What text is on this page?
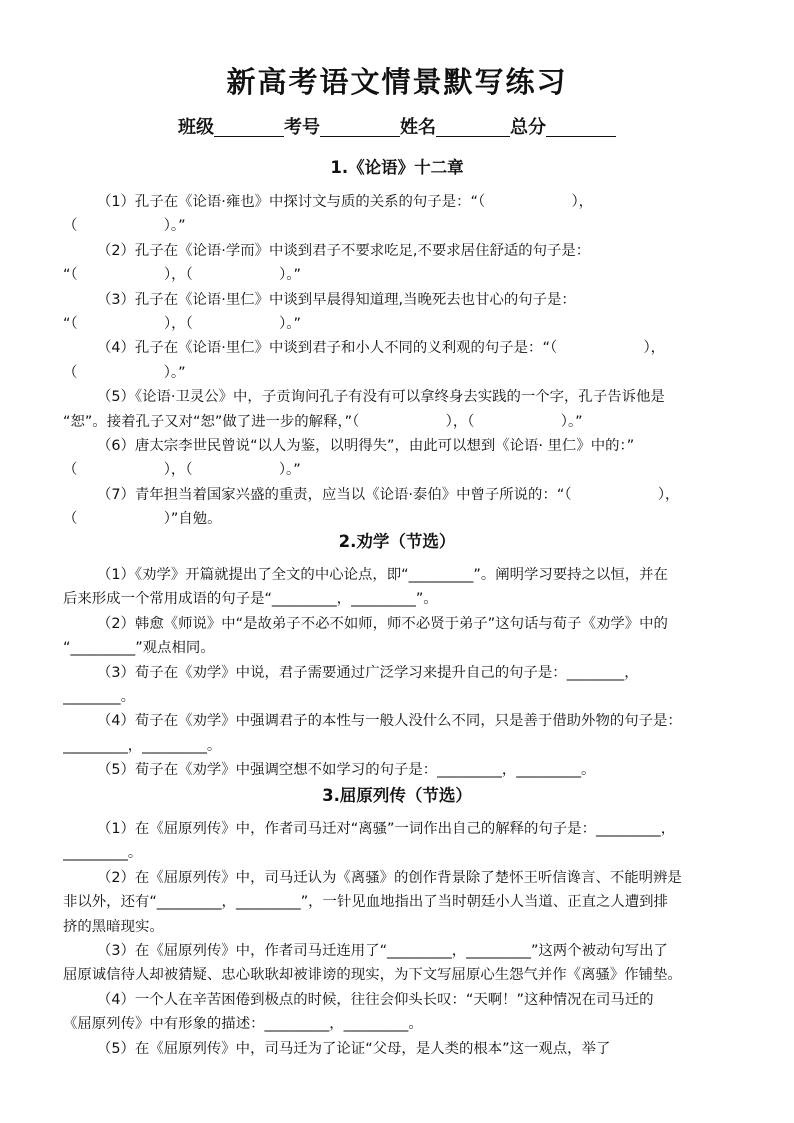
新高考语文情景默写练习
班级	考号	姓名	总分
1.《论语》十二章
（1）孔子在《论语·雍也》中探讨文与质的关系的句子是：“（　　　　　　），
（　　　　　　）。”
（2）孔子在《论语·学而》中谈到君子不要求吃足,不要求居住舒适的句子是：
“（　　　　　　），（　　　　　　）。”
（3）孔子在《论语·里仁》中谈到早晨得知道理,当晚死去也甘心的句子是：
“（　　　　　　），（　　　　　　）。”
（4）孔子在《论语·里仁》中谈到君子和小人不同的义利观的句子是：“（　　　　　　），
（　　　　　　）。”
（5）《论语·卫灵公》中，子贡询问孔子有没有可以拿终身去实践的一个字，孔子告诉他是
“恕”。接着孔子又对“恕”做了进一步的解释，”（　　　　　　），（　　　　　　）。”
（6）唐太宗李世民曾说“以人为鉴，以明得失”，由此可以想到《论语· 里仁》中的：”
（　　　　　　），（　　　　　　）。”
（7）青年担当着国家兴盛的重责，应当以《论语·泰伯》中曾子所说的：“（　　　　　　），
（　　　　　　）”自勉。
2.劝学（节选）
（1）《劝学》开篇就提出了全文的中心论点，即“_________”。阐明学习要持之以恒，并在
后来形成一个常用成语的句子是“_________，_________”。
（2）韩愈《师说》中“是故弟子不必不如师，师不必贤于弟子”这句话与荀子《劝学》中的
“_________”观点相同。
（3）荀子在《劝学》中说，君子需要通过广泛学习来提升自己的句子是：________，
________。
（4）荀子在《劝学》中强调君子的本性与一般人没什么不同，只是善于借助外物的句子是：
_________，_________。
（5）荀子在《劝学》中强调空想不如学习的句子是：_________，_________。
3.屈原列传（节选）
（1）在《屈原列传》中，作者司马迁对“离骚”一词作出自己的解释的句子是：_________，
_________。
（2）在《屈原列传》中，司马迁认为《离骚》的创作背景除了楚怀王听信谗言、不能明辨是
非以外，还有“_________，_________”，一针见血地指出了当时朝廷小人当道、正直之人遭到排
挤的黑暗现实。
（3）在《屈原列传》中，作者司马迁连用了“_________，_________”这两个被动句写出了
屈原诚信待人却被猜疑、忠心耿耿却被诽谤的现实，为下文写屈原心生怨气并作《离骚》作铺垫。
（4）一个人在辛苦困倦到极点的时候，往往会仰头长叹：“天啊！”这种情况在司马迁的
《屈原列传》中有形象的描述：_________，_________。
（5）在《屈原列传》中，司马迁为了论证“父母，是人类的根本”这一观点，举了
